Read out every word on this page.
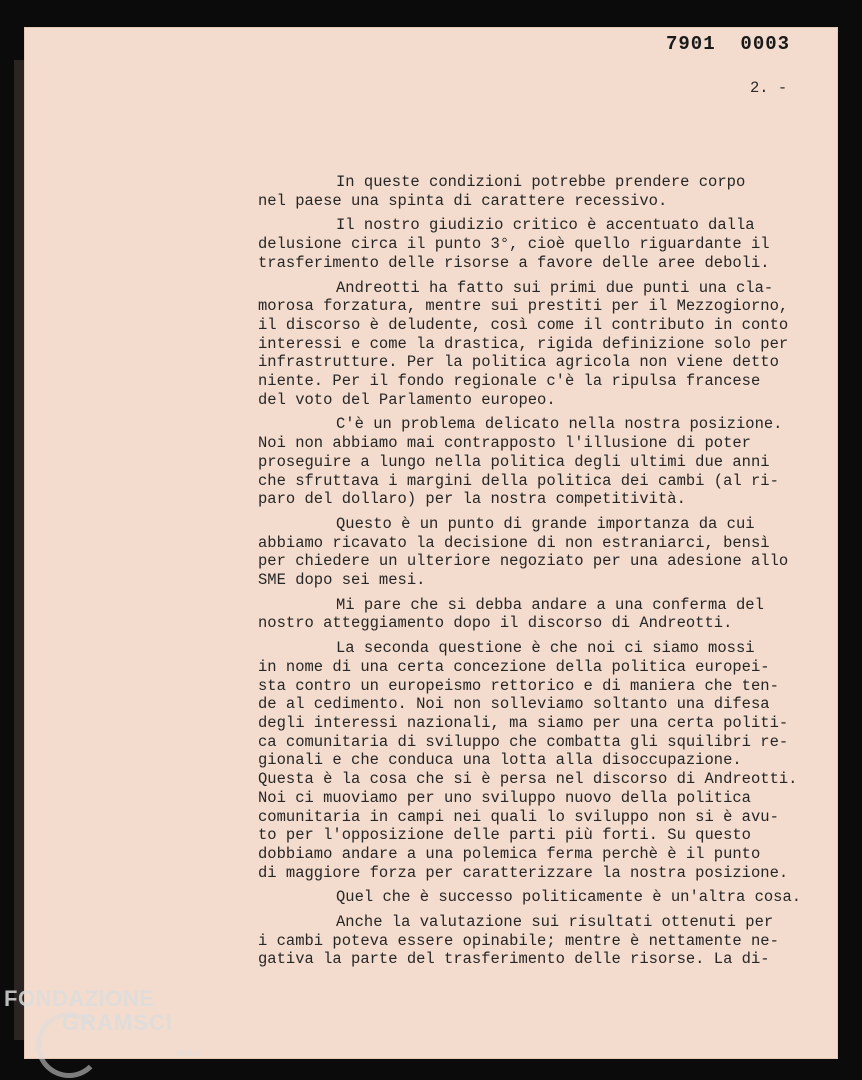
7901  0003
2. -

In queste condizioni potrebbe prendere corpo
nel paese una spinta di carattere recessivo.

Il nostro giudizio critico è accentuato dalla
delusione circa il punto 3°, cioè quello riguardante il
trasferimento delle risorse a favore delle aree deboli.

Andreotti ha fatto sui primi due punti una cla-
morosa forzatura, mentre sui prestiti per il Mezzogiorno,
il discorso è deludente, così come il contributo in conto
interessi e come la drastica, rigida definizione solo per
infrastrutture. Per la politica agricola non viene detto
niente. Per il fondo regionale c'è la ripulsa francese
del voto del Parlamento europeo.

C'è un problema delicato nella nostra posizione.
Noi non abbiamo mai contrapposto l'illusione di poter
proseguire a lungo nella politica degli ultimi due anni
che sfruttava i margini della politica dei cambi (al ri-
paro del dollaro) per la nostra competitività.

Questo è un punto di grande importanza da cui
abbiamo ricavato la decisione di non estraniarci, bensì
per chiedere un ulteriore negoziato per una adesione allo
SME dopo sei mesi.

Mi pare che si debba andare a una conferma del
nostro atteggiamento dopo il discorso di Andreotti.

La seconda questione è che noi ci siamo mossi
in nome di una certa concezione della politica europei-
sta contro un europeismo rettorico e di maniera che ten-
de al cedimento. Noi non solleviamo soltanto una difesa
degli interessi nazionali, ma siamo per una certa politi-
ca comunitaria di sviluppo che combatta gli squilibri re-
gionali e che conduca una lotta alla disoccupazione.
Questa è la cosa che si è persa nel discorso di Andreotti.
Noi ci muoviamo per uno sviluppo nuovo della politica
comunitaria in campi nei quali lo sviluppo non si è avu-
to per l'opposizione delle parti più forti. Su questo
dobbiamo andare a una polemica ferma perchè è il punto
di maggiore forza per caratterizzare la nostra posizione.

Quel che è successo politicamente è un'altra cosa.

Anche la valutazione sui risultati ottenuti per
i cambi poteva essere opinabile; mentre è nettamente ne-
gativa la parte del trasferimento delle risorse. La di-

FONDAZIONE
GRAMSCI
onlus
